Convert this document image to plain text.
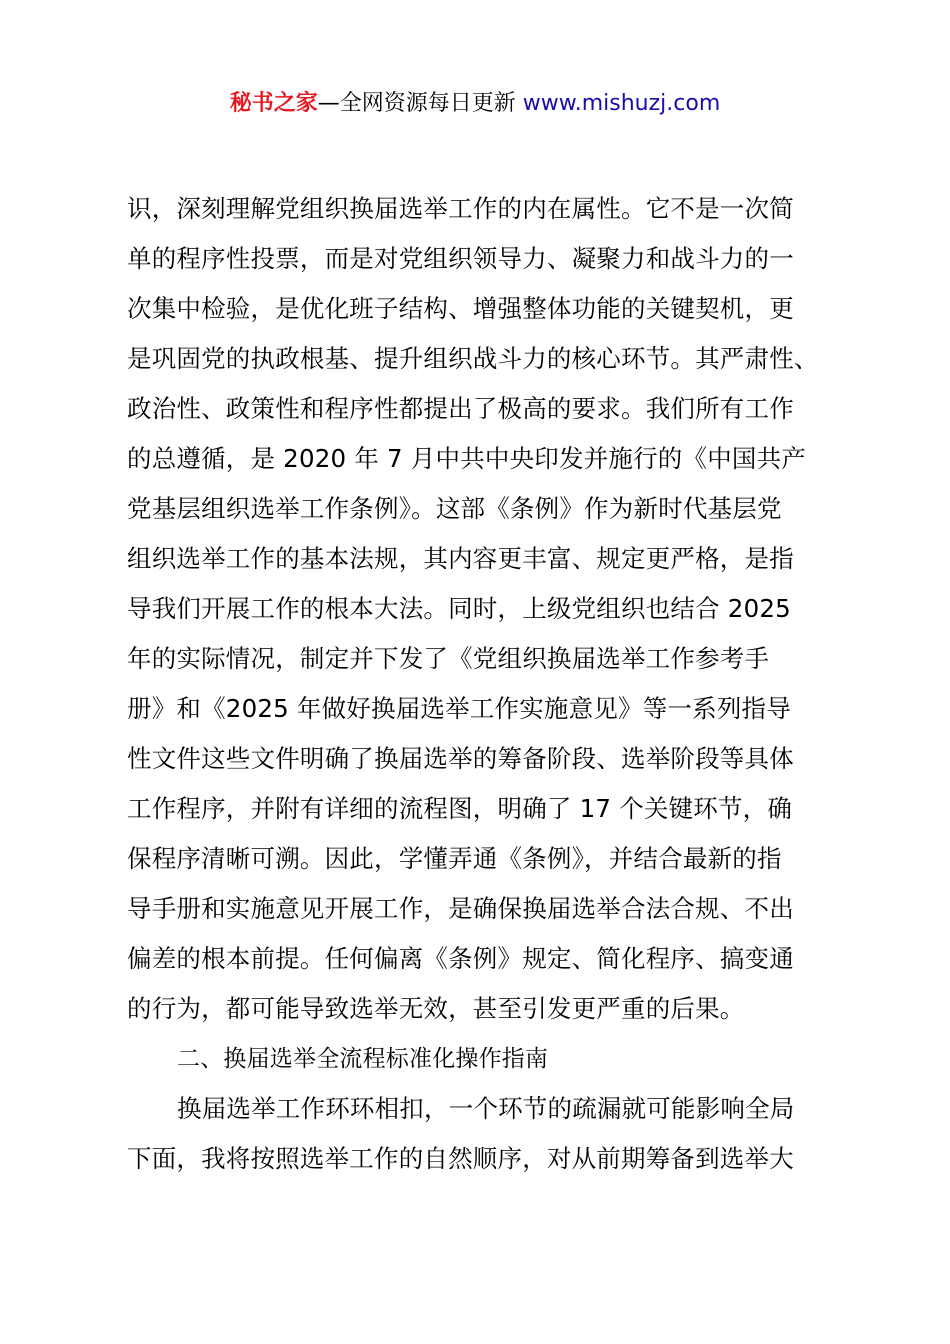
秘书之家—全网资源每日更新 www.mishuzj.com
识，深刻理解党组织换届选举工作的内在属性。它不是一次简
单的程序性投票，而是对党组织领导力、凝聚力和战斗力的一
次集中检验，是优化班子结构、增强整体功能的关键契机，更
是巩固党的执政根基、提升组织战斗力的核心环节。其严肃性、
政治性、政策性和程序性都提出了极高的要求。我们所有工作
的总遵循，是 2020 年 7 月中共中央印发并施行的《中国共产
党基层组织选举工作条例》。这部《条例》作为新时代基层党
组织选举工作的基本法规，其内容更丰富、规定更严格，是指
导我们开展工作的根本大法。同时，上级党组织也结合 2025
年的实际情况，制定并下发了《党组织换届选举工作参考手
册》和《2025 年做好换届选举工作实施意见》等一系列指导
性文件这些文件明确了换届选举的筹备阶段、选举阶段等具体
工作程序，并附有详细的流程图，明确了 17 个关键环节，确
保程序清晰可溯。因此，学懂弄通《条例》，并结合最新的指
导手册和实施意见开展工作，是确保换届选举合法合规、不出
偏差的根本前提。任何偏离《条例》规定、简化程序、搞变通
的行为，都可能导致选举无效，甚至引发更严重的后果。
二、换届选举全流程标准化操作指南
换届选举工作环环相扣，一个环节的疏漏就可能影响全局
下面，我将按照选举工作的自然顺序，对从前期筹备到选举大
